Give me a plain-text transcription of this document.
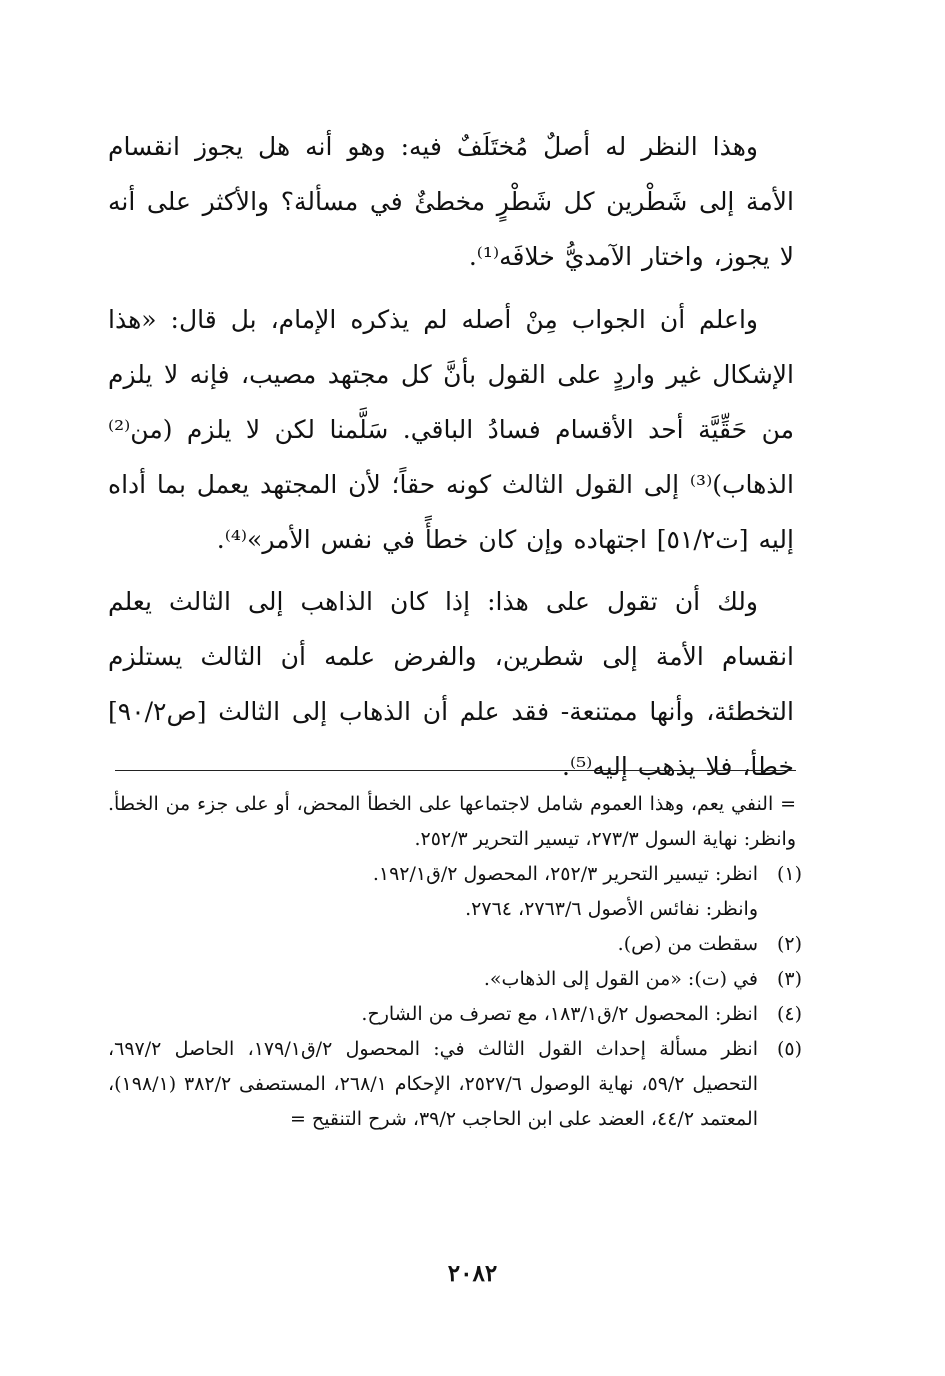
وهذا النظر له أصلٌ مُختَلَفٌ فيه: وهو أنه هل يجوز انقسام الأمة إلى شَطْرين كل شَطْرٍ مخطئٌ في مسألة؟ والأكثر على أنه لا يجوز، واختار الآمديُّ خلافَه⁽¹⁾.

واعلم أن الجواب مِنْ أصله لم يذكره الإمام، بل قال: «هذا الإشكال غير واردٍ على القول بأنَّ كل مجتهد مصيب، فإنه لا يلزم من حَقِّيَّة أحد الأقسام فسادُ الباقي. سَلَّمنا لكن لا يلزم (من⁽²⁾ الذهاب)⁽³⁾ إلى القول الثالث كونه حقاً؛ لأن المجتهد يعمل بما أداه إليه [ت٥١/٢] اجتهاده وإن كان خطأً في نفس الأمر»⁽⁴⁾.

ولك أن تقول على هذا: إذا كان الذاهب إلى الثالث يعلم انقسام الأمة إلى شطرين، والفرض علمه أن الثالث يستلزم التخطئة، وأنها ممتنعة- فقد علم أن الذهاب إلى الثالث [ص٩٠/٢] خطأ، فلا يذهب إليه⁽⁵⁾.

= النفي يعم، وهذا العموم شامل لاجتماعها على الخطأ المحض، أو على جزء من الخطأ. وانظر: نهاية السول ٢٧٣/٣، تيسير التحرير ٢٥٢/٣.

(١)انظر: تيسير التحرير ٢٥٢/٣، المحصول ٢/ق١٩٢/١.

وانظر: نفائس الأصول ٢٧٦٣/٦، ٢٧٦٤.

(٢)سقطت من (ص).

(٣)في (ت): «من القول إلى الذهاب».

(٤)انظر: المحصول ٢/ق١٨٣/١، مع تصرف من الشارح.

(٥)انظر مسألة إحداث القول الثالث في: المحصول ٢/ق١٧٩/١، الحاصل ٦٩٧/٢، التحصيل ٥٩/٢، نهاية الوصول ٢٥٢٧/٦، الإحكام ٢٦٨/١، المستصفى ٣٨٢/٢ (١٩٨/١)، المعتمد ٤٤/٢، العضد على ابن الحاجب ٣٩/٢، شرح التنقيح =

٢٠٨٢
